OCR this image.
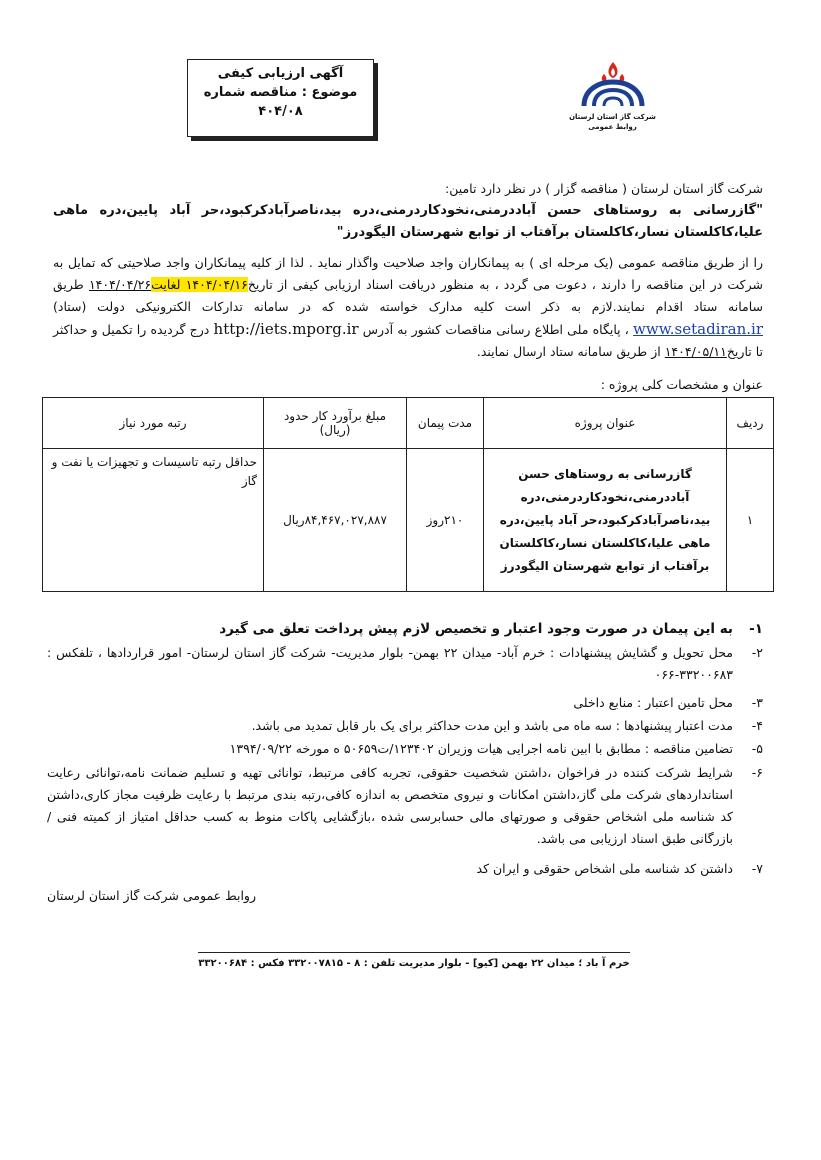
آگهی ارزیابی کیفی
موضوع : مناقصه شماره
۴۰۴/۰۸	شرکت گاز استان لرستان
روابط عمومی
شرکت گاز استان لرستان ( مناقصه گزار ) در نظر دارد تامین:
"گازرسانی به روستاهای حسن آباددرمنی،نخودکاردرمنی،دره بید،ناصرآبادکرکبود،حر آباد پایین،دره ماهی علیا،کاکلستان نسار،کاکلستان برآفتاب از توابع شهرستان الیگودرز"
را از طریق مناقصه عمومی (یک مرحله ای ) به پیمانکاران واجد صلاحیت واگذار نماید . لذا از کلیه پیمانکاران واجد صلاحیتی که تمایل به شرکت در این مناقصه را دارند ، دعوت می گردد ، به منظور دریافت اسناد ارزیابی کیفی از تاریخ۱۴۰۴/۰۴/۱۶ لغایت۱۴۰۴/۰۴/۲۶ طریق سامانه ستاد اقدام نمایند.لازم به ذکر است کلیه مدارک خواسته شده که در سامانه تدارکات الکترونیکی دولت (ستاد) www.setadiran.ir ، پایگاه ملی اطلاع رسانی مناقصات کشور به آدرس http://iets.mporg.ir درج گردیده را تکمیل و حداکثر تا تاریخ۱۴۰۴/۰۵/۱۱ از طریق سامانه ستاد ارسال نمایند.
عنوان و مشخصات کلی پروژه :
ردیف	عنوان پروژه	مدت پیمان	مبلغ برآورد کار حدود (ریال)	رتبه مورد نیاز
۱	گازرسانی به روستاهای حسن آباددرمنی،نخودکاردرمنی،دره بید،ناصرآبادکرکبود،حر آباد پایین،دره ماهی علیا،کاکلستان نسار،کاکلستان برآفتاب از توابع شهرستان الیگودرز	۲۱۰روز	۸۴,۴۶۷,۰۲۷,۸۸۷ریال	حداقل رتبه تاسیسات و تجهیزات یا نفت و گاز
۱-
به این پیمان در صورت وجود اعتبار و تخصیص لازم پیش پرداخت تعلق می گیرد
۲-
محل تحویل و گشایش پیشنهادات : خرم آباد- میدان ۲۲ بهمن- بلوار مدیریت- شرکت گاز استان لرستان- امور قراردادها ، تلفکس : ۳۳۲۰۰۶۸۳-۰۶۶
۳-
محل تامین اعتبار : منابع داخلی
۴-
مدت اعتبار پیشنهادها : سه ماه می باشد و این مدت حداکثر برای یک بار قابل تمدید می باشد.
۵-
تضامین مناقصه : مطابق با ابین نامه اجرایی هیات وزیران ۱۲۳۴۰۲/ت۵۰۶۵۹ ه مورخه ۱۳۹۴/۰۹/۲۲
۶-
شرایط شرکت کننده در فراخوان ،داشتن شخصیت حقوقی، تجربه کافی مرتبط، توانائی تهیه و تسلیم ضمانت نامه،توانائی رعایت استانداردهای شرکت ملی گاز،داشتن امکانات و نیروی متخصص به اندازه کافی،رتبه بندی مرتبط با رعایت ظرفیت مجاز کاری،داشتن کد شناسه ملی اشخاص حقوقی و صورتهای مالی حسابرسی شده ،بازگشایی پاکات منوط به کسب حداقل امتیاز از کمیته فنی / بازرگانی طبق اسناد ارزیابی می باشد.
۷-
داشتن کد شناسه ملی اشخاص حقوقی و ایران کد
روابط عمومی شرکت گاز استان لرستان
خرم آ باد ؛ میدان ۲۲ بهمن [کیو] - بلوار مدیریت تلفن : ۸ - ۳۳۲۰۰۷۸۱۵ فکس : ۳۳۲۰۰۶۸۴
